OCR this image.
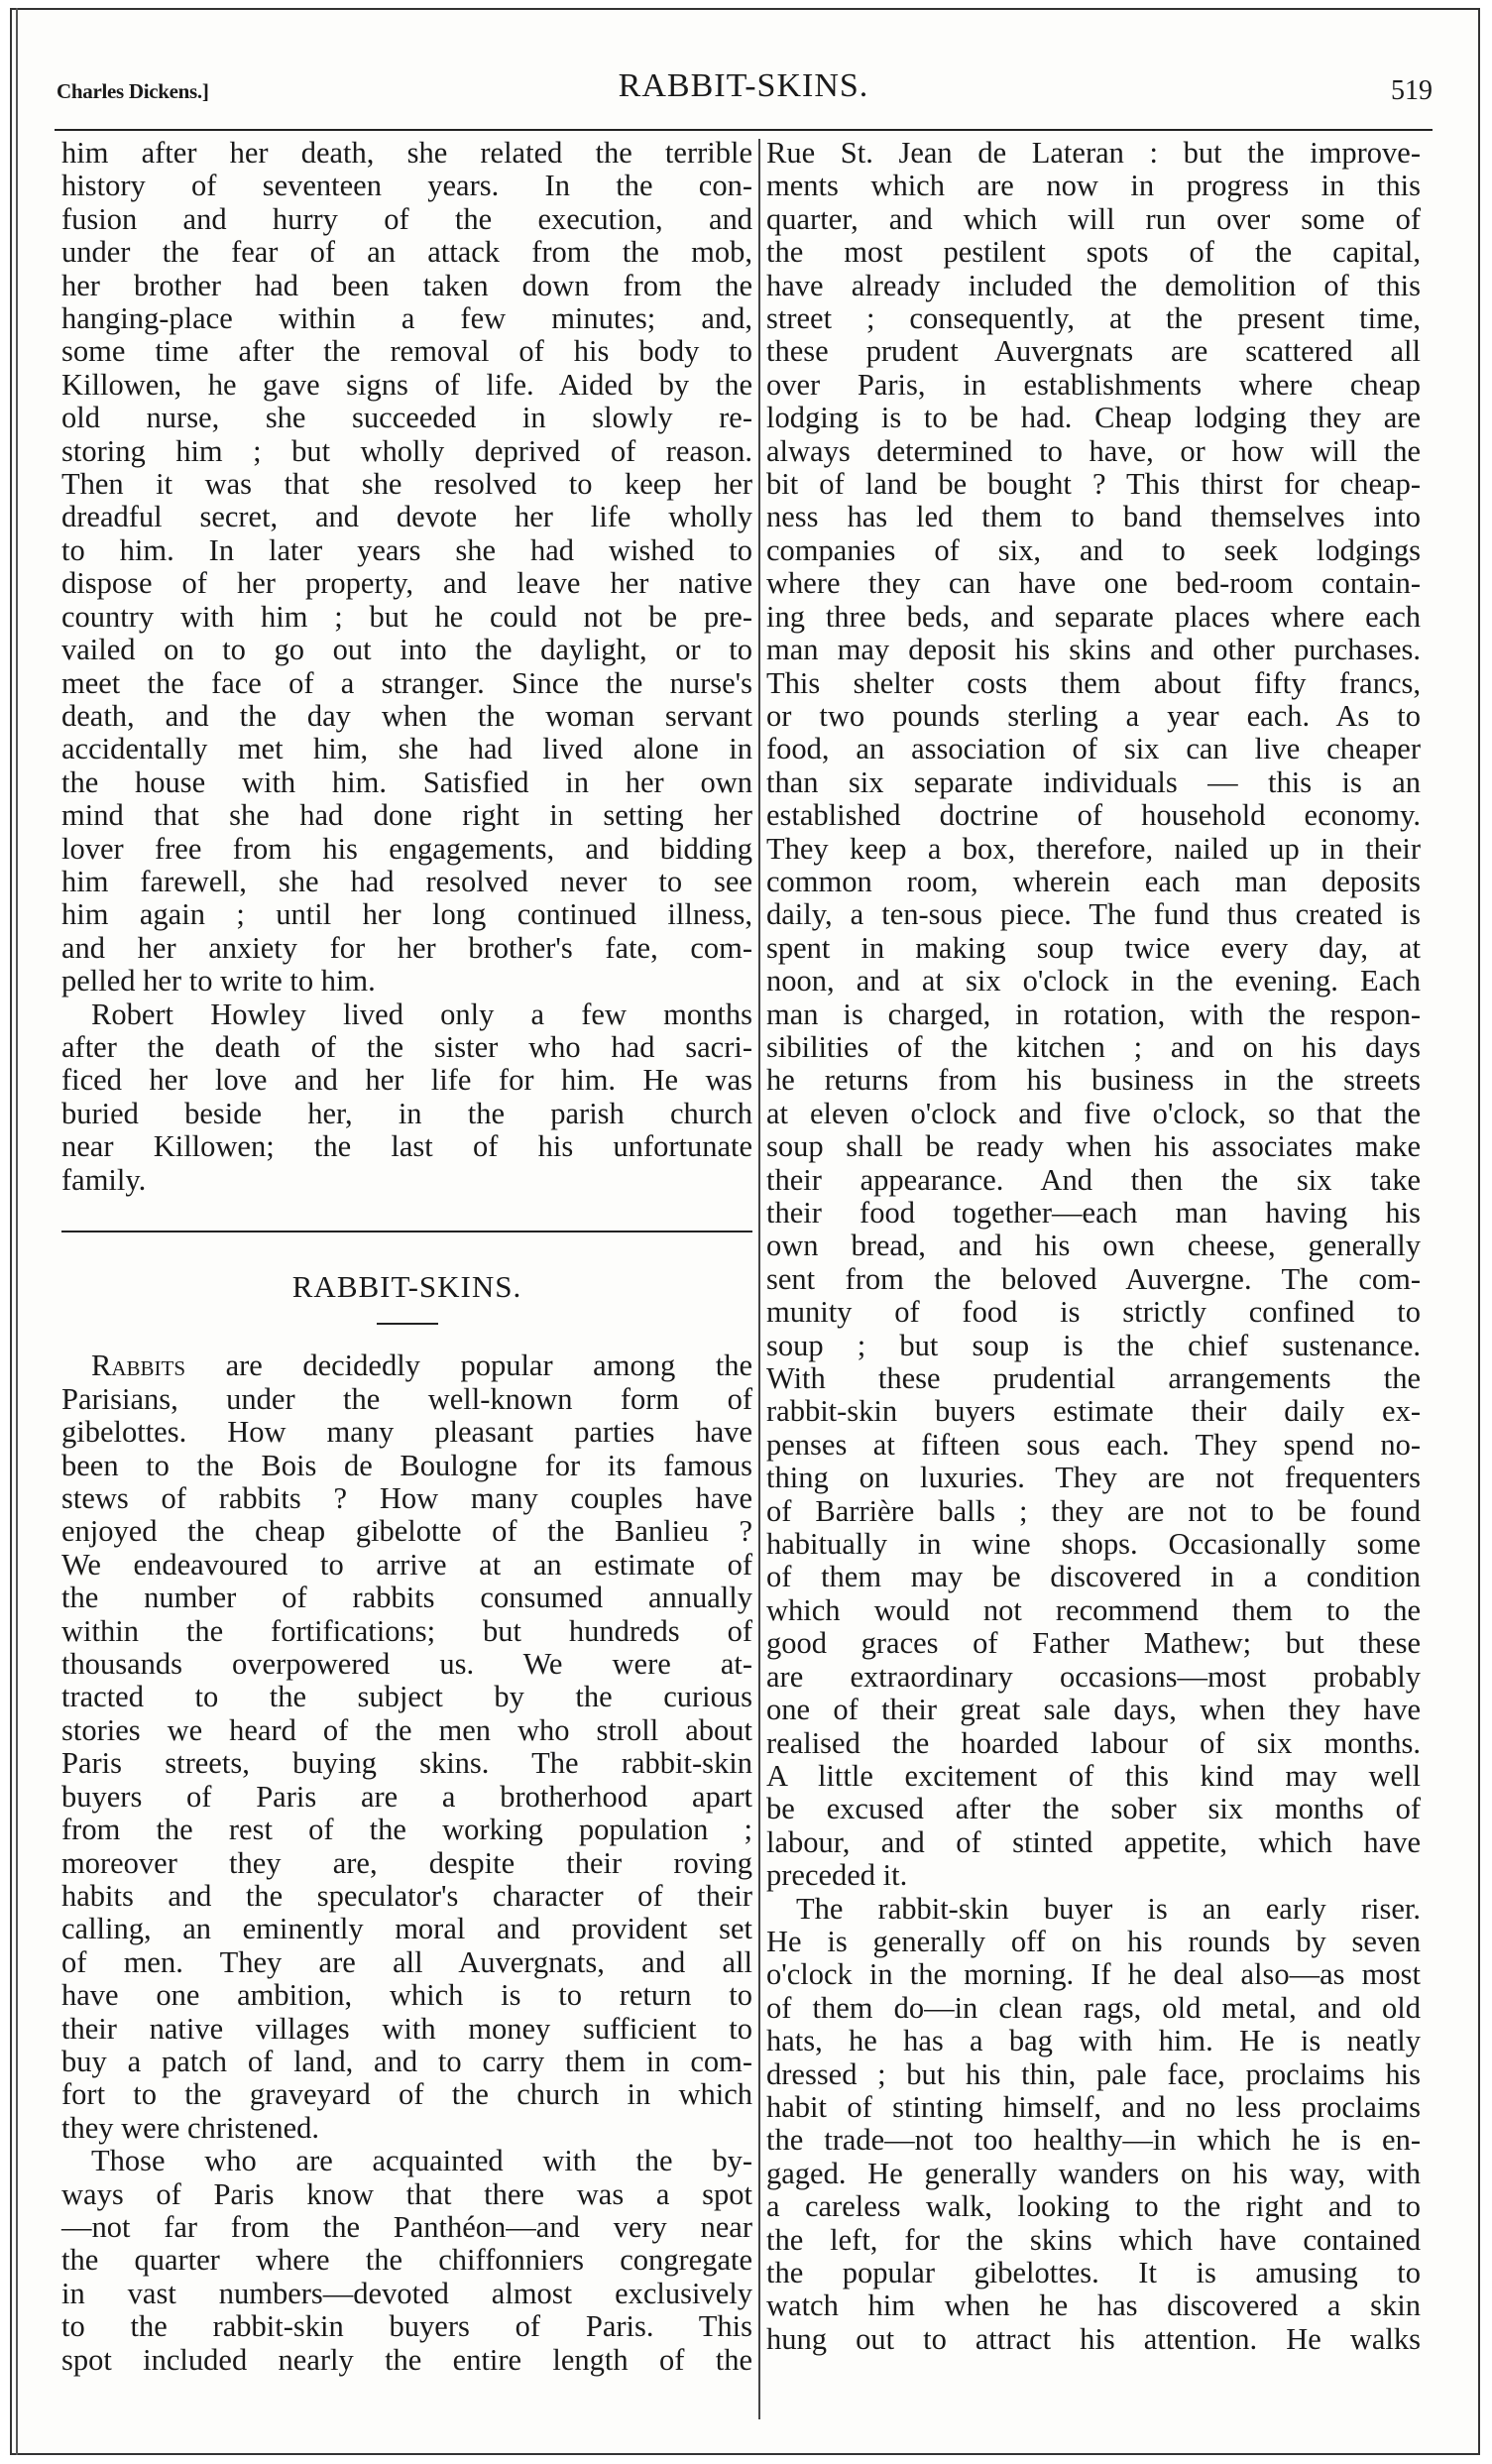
Charles Dickens.]	RABBIT-SKINS.	519

him after her death, she related the terrible

history of seventeen years. In the con-

fusion and hurry of the execution, and

under the fear of an attack from the mob,

her brother had been taken down from the

hanging-place within a few minutes; and,

some time after the removal of his body to

Killowen, he gave signs of life. Aided by the

old nurse, she succeeded in slowly re-

storing him ; but wholly deprived of reason.

Then it was that she resolved to keep her

dreadful secret, and devote her life wholly

to him. In later years she had wished to

dispose of her property, and leave her native

country with him ; but he could not be pre-

vailed on to go out into the daylight, or to

meet the face of a stranger. Since the nurse's

death, and the day when the woman servant

accidentally met him, she had lived alone in

the house with him. Satisfied in her own

mind that she had done right in setting her

lover free from his engagements, and bidding

him farewell, she had resolved never to see

him again ; until her long continued illness,

and her anxiety for her brother's fate, com-

pelled her to write to him.

Robert Howley lived only a few months

after the death of the sister who had sacri-

ficed her love and her life for him. He was

buried beside her, in the parish church

near Killowen; the last of his unfortunate

family.

RABBIT-SKINS.

Rabbits are decidedly popular among the

Parisians, under the well-known form of

gibelottes. How many pleasant parties have

been to the Bois de Boulogne for its famous

stews of rabbits ? How many couples have

enjoyed the cheap gibelotte of the Banlieu ?

We endeavoured to arrive at an estimate of

the number of rabbits consumed annually

within the fortifications; but hundreds of

thousands overpowered us. We were at-

tracted to the subject by the curious

stories we heard of the men who stroll about

Paris streets, buying skins. The rabbit-skin

buyers of Paris are a brotherhood apart

from the rest of the working population ;

moreover they are, despite their roving

habits and the speculator's character of their

calling, an eminently moral and provident set

of men. They are all Auvergnats, and all

have one ambition, which is to return to

their native villages with money sufficient to

buy a patch of land, and to carry them in com-

fort to the graveyard of the church in which

they were christened.

Those who are acquainted with the by-

ways of Paris know that there was a spot

—not far from the Panthéon—and very near

the quarter where the chiffonniers congregate

in vast numbers—devoted almost exclusively

to the rabbit-skin buyers of Paris. This

spot included nearly the entire length of the

Rue St. Jean de Lateran : but the improve-

ments which are now in progress in this

quarter, and which will run over some of

the most pestilent spots of the capital,

have already included the demolition of this

street ; consequently, at the present time,

these prudent Auvergnats are scattered all

over Paris, in establishments where cheap

lodging is to be had. Cheap lodging they are

always determined to have, or how will the

bit of land be bought ? This thirst for cheap-

ness has led them to band themselves into

companies of six, and to seek lodgings

where they can have one bed-room contain-

ing three beds, and separate places where each

man may deposit his skins and other purchases.

This shelter costs them about fifty francs,

or two pounds sterling a year each. As to

food, an association of six can live cheaper

than six separate individuals — this is an

established doctrine of household economy.

They keep a box, therefore, nailed up in their

common room, wherein each man deposits

daily, a ten-sous piece. The fund thus created is

spent in making soup twice every day, at

noon, and at six o'clock in the evening. Each

man is charged, in rotation, with the respon-

sibilities of the kitchen ; and on his days

he returns from his business in the streets

at eleven o'clock and five o'clock, so that the

soup shall be ready when his associates make

their appearance. And then the six take

their food together—each man having his

own bread, and his own cheese, generally

sent from the beloved Auvergne. The com-

munity of food is strictly confined to

soup ; but soup is the chief sustenance.

With these prudential arrangements the

rabbit-skin buyers estimate their daily ex-

penses at fifteen sous each. They spend no-

thing on luxuries. They are not frequenters

of Barrière balls ; they are not to be found

habitually in wine shops. Occasionally some

of them may be discovered in a condition

which would not recommend them to the

good graces of Father Mathew; but these

are extraordinary occasions—most probably

one of their great sale days, when they have

realised the hoarded labour of six months.

A little excitement of this kind may well

be excused after the sober six months of

labour, and of stinted appetite, which have

preceded it.

The rabbit-skin buyer is an early riser.

He is generally off on his rounds by seven

o'clock in the morning. If he deal also—as most

of them do—in clean rags, old metal, and old

hats, he has a bag with him. He is neatly

dressed ; but his thin, pale face, proclaims his

habit of stinting himself, and no less proclaims

the trade—not too healthy—in which he is en-

gaged. He generally wanders on his way, with

a careless walk, looking to the right and to

the left, for the skins which have contained

the popular gibelottes. It is amusing to

watch him when he has discovered a skin

hung out to attract his attention. He walks
